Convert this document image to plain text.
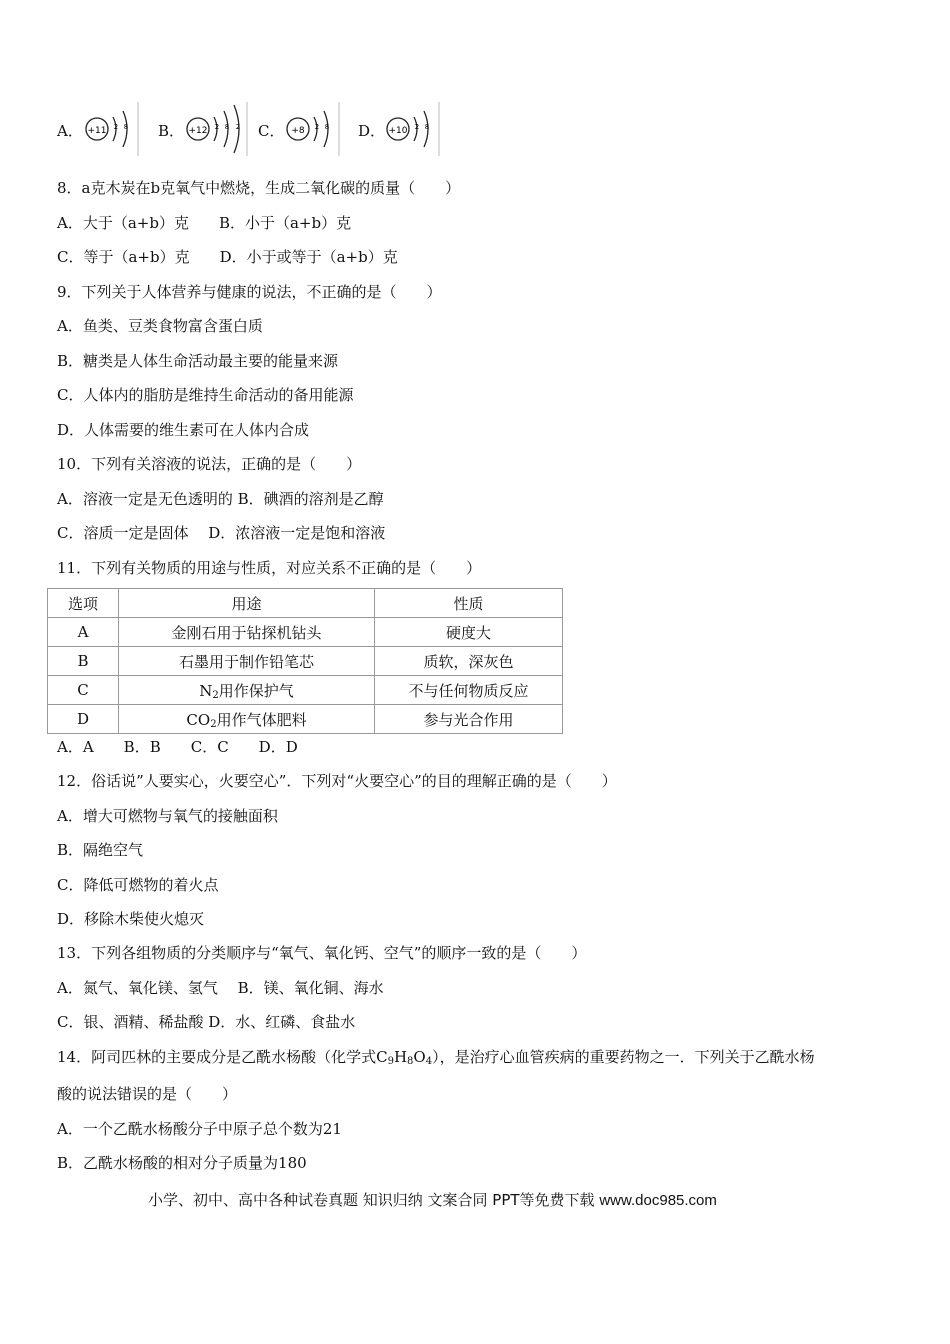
A． +11 2 8 B． +12 2 8 2 C． +8 2 8 D． +10 2 8
8．a克木炭在b克氧气中燃烧，生成二氧化碳的质量（　　）
A．大于（a+b）克　　B．小于（a+b）克
C．等于（a+b）克　　D．小于或等于（a+b）克
9．下列关于人体营养与健康的说法，不正确的是（　　）
A．鱼类、豆类食物富含蛋白质
B．糖类是人体生命活动最主要的能量来源
C．人体内的脂肪是维持生命活动的备用能源
D．人体需要的维生素可在人体内合成
10．下列有关溶液的说法，正确的是（　　）
A．溶液一定是无色透明的 B．碘酒的溶剂是乙醇
C．溶质一定是固体　 D．浓溶液一定是饱和溶液
11．下列有关物质的用途与性质，对应关系不正确的是（　　）
选项	用途	性质
A	金刚石用于钻探机钻头	硬度大
B	石墨用于制作铅笔芯	质软，深灰色
C	$N_2$用作保护气	不与任何物质反应
D	$CO_2$用作气体肥料	参与光合作用
A．A　　B．B　　C．C　　D．D
12．俗话说”人要实心，火要空心”．下列对“火要空心”的目的理解正确的是（　　）
A．增大可燃物与氧气的接触面积
B．隔绝空气
C．降低可燃物的着火点
D．移除木柴使火熄灭
13．下列各组物质的分类顺序与“氧气、氧化钙、空气”的顺序一致的是（　　）
A．氮气、氧化镁、氢气　 B．镁、氧化铜、海水
C．银、酒精、稀盐酸 D．水、红磷、食盐水
14．阿司匹林的主要成分是乙酰水杨酸（化学式$C_9H_8O_4$），是治疗心血管疾病的重要药物之一．下列关于乙酰水杨
酸的说法错误的是（　　）
A．一个乙酰水杨酸分子中原子总个数为21
B．乙酰水杨酸的相对分子质量为180
小学、初中、高中各种试卷真题 知识归纳 文案合同 PPT等免费下载 www.doc985.com
